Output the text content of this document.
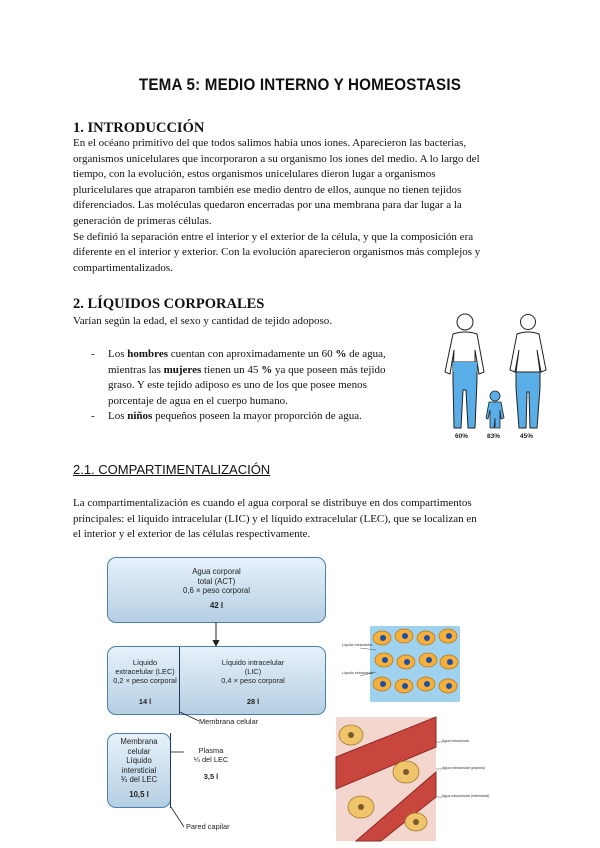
TEMA 5: MEDIO INTERNO Y HOMEOSTASIS
1. INTRODUCCIÓN
En el océano primitivo del que todos salimos había unos iones. Aparecieron las bacterias,
organismos unicelulares que incorporaron a su organismo los iones del medio. A lo largo del
tiempo, con la evolución, estos organismos unicelulares dieron lugar a organismos
pluricelulares que atraparon también ese medio dentro de ellos, aunque no tienen tejidos
diferenciados. Las moléculas quedaron encerradas por una membrana para dar lugar a la
generación de primeras células.
Se definió la separación entre el interior y el exterior de la célula, y que la composición era
diferente en el interior y exterior. Con la evolución aparecieron organismos más complejos y
compartimentalizados.
2. LÍQUIDOS CORPORALES

Varían según la edad, el sexo y cantidad de tejido adoposo.

- Los hombres cuentan con aproximadamente un 60 % de agua,
mientras las mujeres tienen un 45 % ya que poseen más tejido
graso. Y este tejido adiposo es uno de los que posee menos
porcentaje de agua en el cuerpo humano.
- Los niños pequeños poseen la mayor proporción de agua.
60%	83%	45%
2.1. COMPARTIMENTALIZACIÓN
La compartimentalización es cuando el agua corporal se distribuye en dos compartimentos
principales: el líquido intracelular (LIC) y el líquido extracelular (LEC), que se localizan en
el interior y el exterior de las células respectivamente.
Agua corporal
total (ACT)
0,6 × peso corporal
42 l
Líquido
extracelular (LEC)
0,2 × peso corporal
14 l
Líquido intracelular
(LIC)
0,4 × peso corporal
28 l
Membrana celular
Membrana
celular
Líquido
intersticial
¾ del LEC
10,5 l
Plasma
¼ del LEC
3,5 l
Pared capilar
Líquido intracelular
Líquido extracelular
Agua intracelular
Agua extracelular (plasma)
Agua extracelular (intersticial)
